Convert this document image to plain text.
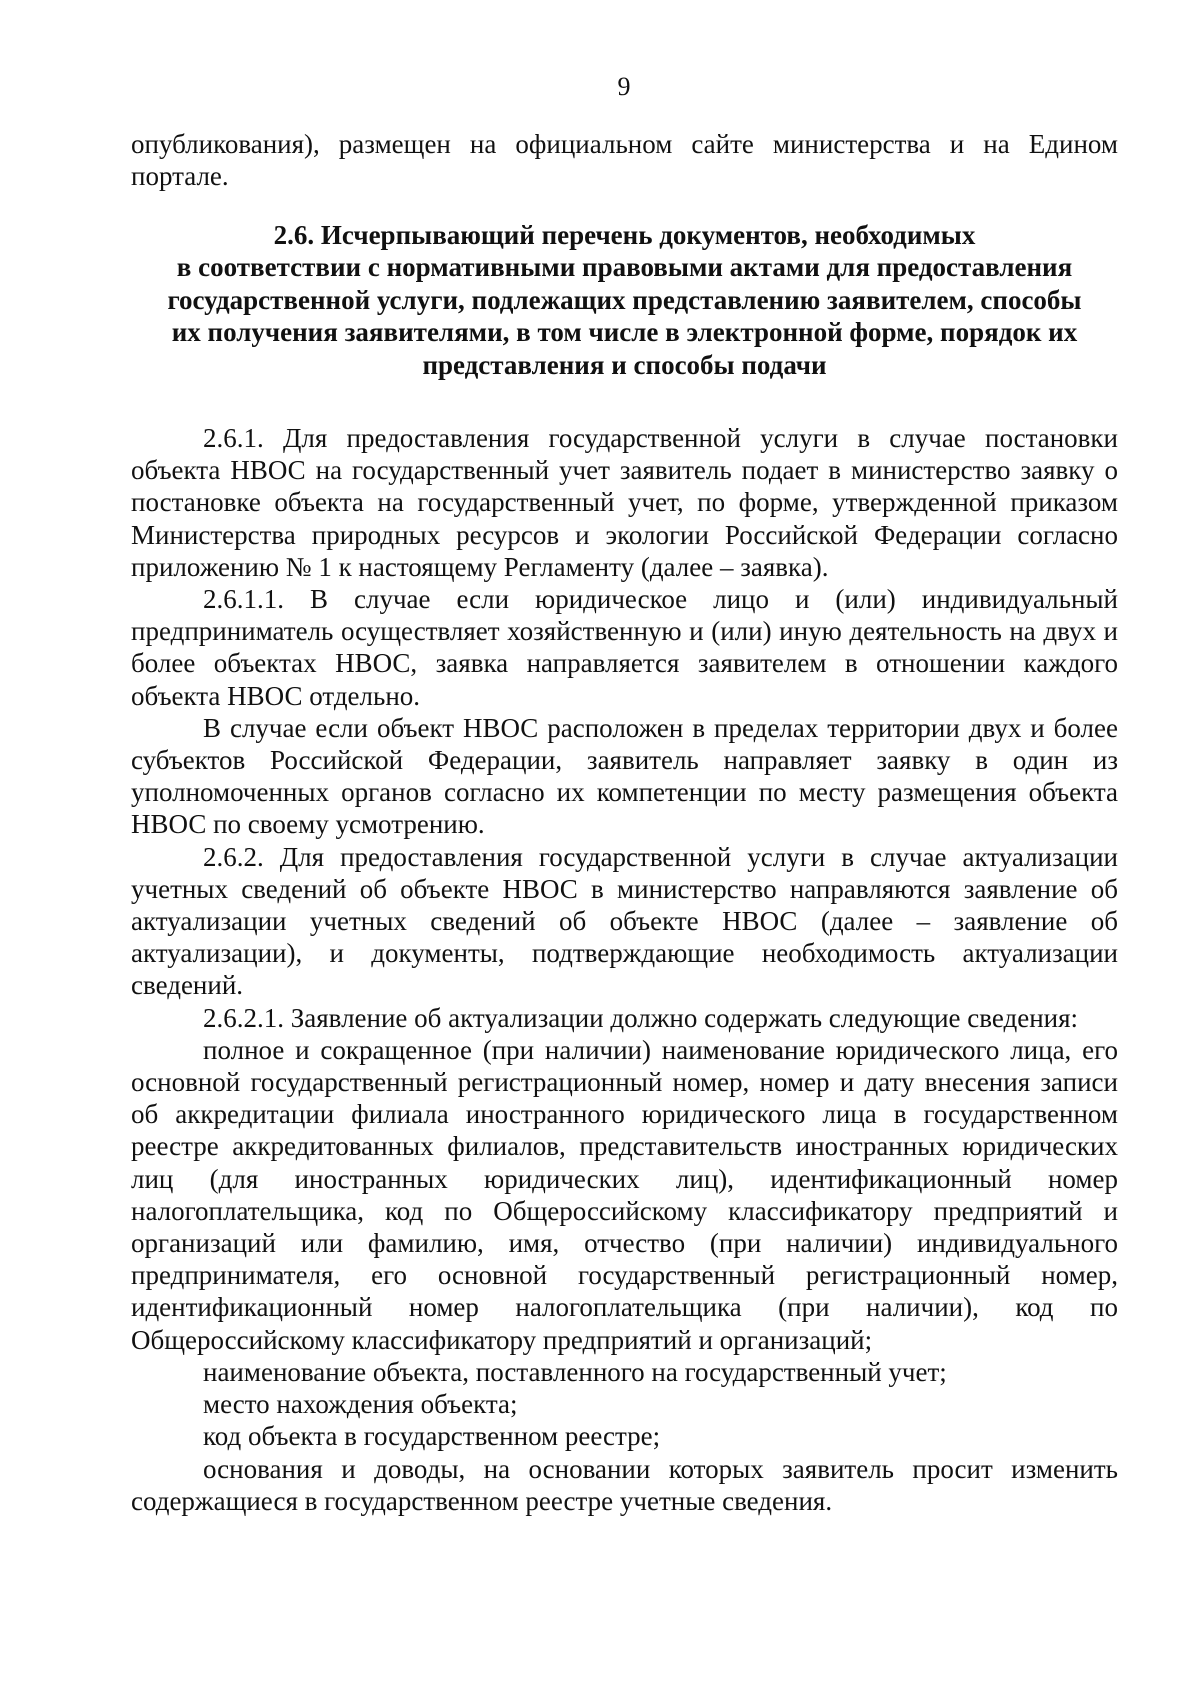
9

опубликования), размещен на официальном сайте министерства и на Едином портале.

2.6. Исчерпывающий перечень документов, необходимых
в соответствии с нормативными правовыми актами для предоставления
государственной услуги, подлежащих представлению заявителем, способы
их получения заявителями, в том числе в электронной форме, порядок их
представления и способы подачи

2.6.1. Для предоставления государственной услуги в случае постановки объекта НВОС на государственный учет заявитель подает в министерство заявку о постановке объекта на государственный учет, по форме, утвержденной приказом Министерства природных ресурсов и экологии Российской Федерации согласно приложению № 1 к настоящему Регламенту (далее – заявка).

2.6.1.1. В случае если юридическое лицо и (или) индивидуальный предприниматель осуществляет хозяйственную и (или) иную деятельность на двух и более объектах НВОС, заявка направляется заявителем в отношении каждого объекта НВОС отдельно.

В случае если объект НВОС расположен в пределах территории двух и более субъектов Российской Федерации, заявитель направляет заявку в один из уполномоченных органов согласно их компетенции по месту размещения объекта НВОС по своему усмотрению.

2.6.2. Для предоставления государственной услуги в случае актуализации учетных сведений об объекте НВОС в министерство направляются заявление об актуализации учетных сведений об объекте НВОС (далее – заявление об актуализации), и документы, подтверждающие необходимость актуализации сведений.

2.6.2.1. Заявление об актуализации должно содержать следующие сведения:

полное и сокращенное (при наличии) наименование юридического лица, его основной государственный регистрационный номер, номер и дату внесения записи об аккредитации филиала иностранного юридического лица в государственном реестре аккредитованных филиалов, представительств иностранных юридических лиц (для иностранных юридических лиц), идентификационный номер налогоплательщика, код по Общероссийскому классификатору предприятий и организаций или фамилию, имя, отчество (при наличии) индивидуального предпринимателя, его основной государственный регистрационный номер, идентификационный номер налогоплательщика (при наличии), код по Общероссийскому классификатору предприятий и организаций;

наименование объекта, поставленного на государственный учет;

место нахождения объекта;

код объекта в государственном реестре;

основания и доводы, на основании которых заявитель просит изменить содержащиеся в государственном реестре учетные сведения.
